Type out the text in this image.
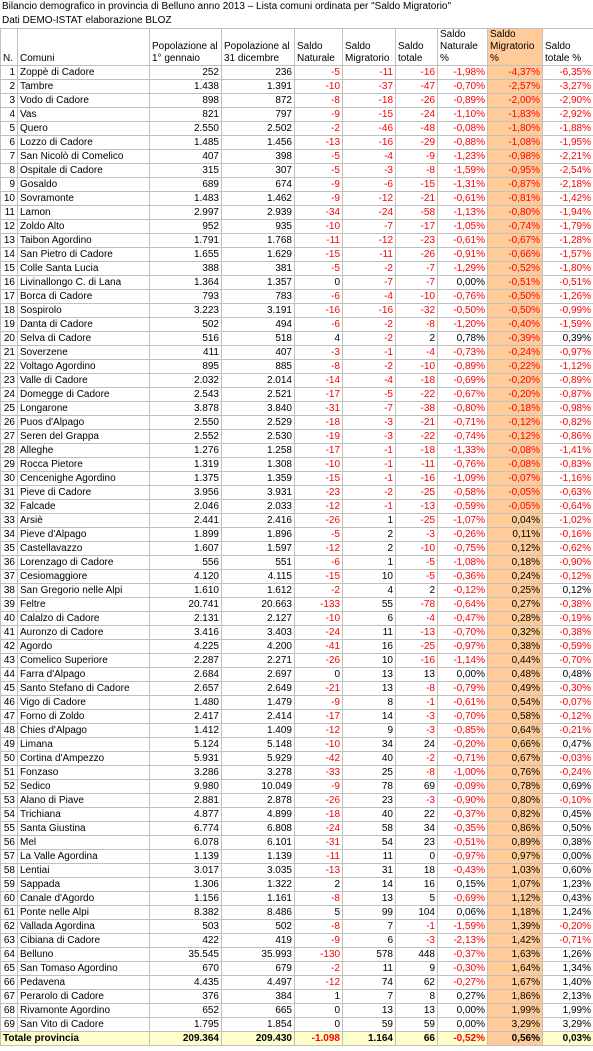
Bilancio demografico in provincia di Belluno anno 2013 – Lista comuni ordinata per "Saldo Migratorio"
Dati DEMO-ISTAT elaborazione BLOZ
N.	Comuni	Popolazione al 1° gennaio	Popolazione al 31 dicembre	Saldo Naturale	Saldo Migratorio	Saldo totale	Saldo Naturale %	Saldo Migratorio %	Saldo totale %
1	Zoppè di Cadore	252	236	-5	-11	-16	-1,98%	-4,37%	-6,35%
2	Tambre	1.438	1.391	-10	-37	-47	-0,70%	-2,57%	-3,27%
3	Vodo di Cadore	898	872	-8	-18	-26	-0,89%	-2,00%	-2,90%
4	Vas	821	797	-9	-15	-24	-1,10%	-1,83%	-2,92%
5	Quero	2.550	2.502	-2	-46	-48	-0,08%	-1,80%	-1,88%
6	Lozzo di Cadore	1.485	1.456	-13	-16	-29	-0,88%	-1,08%	-1,95%
7	San Nicolò di Comelico	407	398	-5	-4	-9	-1,23%	-0,98%	-2,21%
8	Ospitale di Cadore	315	307	-5	-3	-8	-1,59%	-0,95%	-2,54%
9	Gosaldo	689	674	-9	-6	-15	-1,31%	-0,87%	-2,18%
10	Sovramonte	1.483	1.462	-9	-12	-21	-0,61%	-0,81%	-1,42%
11	Lamon	2.997	2.939	-34	-24	-58	-1,13%	-0,80%	-1,94%
12	Zoldo Alto	952	935	-10	-7	-17	-1,05%	-0,74%	-1,79%
13	Taibon Agordino	1.791	1.768	-11	-12	-23	-0,61%	-0,67%	-1,28%
14	San Pietro di Cadore	1.655	1.629	-15	-11	-26	-0,91%	-0,66%	-1,57%
15	Colle Santa Lucia	388	381	-5	-2	-7	-1,29%	-0,52%	-1,80%
16	Livinallongo C. di Lana	1.364	1.357	0	-7	-7	0,00%	-0,51%	-0,51%
17	Borca di Cadore	793	783	-6	-4	-10	-0,76%	-0,50%	-1,26%
18	Sospirolo	3.223	3.191	-16	-16	-32	-0,50%	-0,50%	-0,99%
19	Danta di Cadore	502	494	-6	-2	-8	-1,20%	-0,40%	-1,59%
20	Selva di Cadore	516	518	4	-2	2	0,78%	-0,39%	0,39%
21	Soverzene	411	407	-3	-1	-4	-0,73%	-0,24%	-0,97%
22	Voltago Agordino	895	885	-8	-2	-10	-0,89%	-0,22%	-1,12%
23	Valle di Cadore	2.032	2.014	-14	-4	-18	-0,69%	-0,20%	-0,89%
24	Domegge di Cadore	2.543	2.521	-17	-5	-22	-0,67%	-0,20%	-0,87%
25	Longarone	3.878	3.840	-31	-7	-38	-0,80%	-0,18%	-0,98%
26	Puos d'Alpago	2.550	2.529	-18	-3	-21	-0,71%	-0,12%	-0,82%
27	Seren del Grappa	2.552	2.530	-19	-3	-22	-0,74%	-0,12%	-0,86%
28	Alleghe	1.276	1.258	-17	-1	-18	-1,33%	-0,08%	-1,41%
29	Rocca Pietore	1.319	1.308	-10	-1	-11	-0,76%	-0,08%	-0,83%
30	Cencenighe Agordino	1.375	1.359	-15	-1	-16	-1,09%	-0,07%	-1,16%
31	Pieve di Cadore	3.956	3.931	-23	-2	-25	-0,58%	-0,05%	-0,63%
32	Falcade	2.046	2.033	-12	-1	-13	-0,59%	-0,05%	-0,64%
33	Arsiè	2.441	2.416	-26	1	-25	-1,07%	0,04%	-1,02%
34	Pieve d'Alpago	1.899	1.896	-5	2	-3	-0,26%	0,11%	-0,16%
35	Castellavazzo	1.607	1.597	-12	2	-10	-0,75%	0,12%	-0,62%
36	Lorenzago di Cadore	556	551	-6	1	-5	-1,08%	0,18%	-0,90%
37	Cesiomaggiore	4.120	4.115	-15	10	-5	-0,36%	0,24%	-0,12%
38	San Gregorio nelle Alpi	1.610	1.612	-2	4	2	-0,12%	0,25%	0,12%
39	Feltre	20.741	20.663	-133	55	-78	-0,64%	0,27%	-0,38%
40	Calalzo di Cadore	2.131	2.127	-10	6	-4	-0,47%	0,28%	-0,19%
41	Auronzo di Cadore	3.416	3.403	-24	11	-13	-0,70%	0,32%	-0,38%
42	Agordo	4.225	4.200	-41	16	-25	-0,97%	0,38%	-0,59%
43	Comelico Superiore	2.287	2.271	-26	10	-16	-1,14%	0,44%	-0,70%
44	Farra d'Alpago	2.684	2.697	0	13	13	0,00%	0,48%	0,48%
45	Santo Stefano di Cadore	2.657	2.649	-21	13	-8	-0,79%	0,49%	-0,30%
46	Vigo di Cadore	1.480	1.479	-9	8	-1	-0,61%	0,54%	-0,07%
47	Forno di Zoldo	2.417	2.414	-17	14	-3	-0,70%	0,58%	-0,12%
48	Chies d'Alpago	1.412	1.409	-12	9	-3	-0,85%	0,64%	-0,21%
49	Limana	5.124	5.148	-10	34	24	-0,20%	0,66%	0,47%
50	Cortina d'Ampezzo	5.931	5.929	-42	40	-2	-0,71%	0,67%	-0,03%
51	Fonzaso	3.286	3.278	-33	25	-8	-1,00%	0,76%	-0,24%
52	Sedico	9.980	10.049	-9	78	69	-0,09%	0,78%	0,69%
53	Alano di Piave	2.881	2.878	-26	23	-3	-0,90%	0,80%	-0,10%
54	Trichiana	4.877	4.899	-18	40	22	-0,37%	0,82%	0,45%
55	Santa Giustina	6.774	6.808	-24	58	34	-0,35%	0,86%	0,50%
56	Mel	6.078	6.101	-31	54	23	-0,51%	0,89%	0,38%
57	La Valle Agordina	1.139	1.139	-11	11	0	-0,97%	0,97%	0,00%
58	Lentiai	3.017	3.035	-13	31	18	-0,43%	1,03%	0,60%
59	Sappada	1.306	1.322	2	14	16	0,15%	1,07%	1,23%
60	Canale d'Agordo	1.156	1.161	-8	13	5	-0,69%	1,12%	0,43%
61	Ponte nelle Alpi	8.382	8.486	5	99	104	0,06%	1,18%	1,24%
62	Vallada Agordina	503	502	-8	7	-1	-1,59%	1,39%	-0,20%
63	Cibiana di Cadore	422	419	-9	6	-3	-2,13%	1,42%	-0,71%
64	Belluno	35.545	35.993	-130	578	448	-0,37%	1,63%	1,26%
65	San Tomaso Agordino	670	679	-2	11	9	-0,30%	1,64%	1,34%
66	Pedavena	4.435	4.497	-12	74	62	-0,27%	1,67%	1,40%
67	Perarolo di Cadore	376	384	1	7	8	0,27%	1,86%	2,13%
68	Rivamonte Agordino	652	665	0	13	13	0,00%	1,99%	1,99%
69	San Vito di Cadore	1.795	1.854	0	59	59	0,00%	3,29%	3,29%
Totale provincia		209.364	209.430	-1.098	1.164	66	-0,52%	0,56%	0,03%
